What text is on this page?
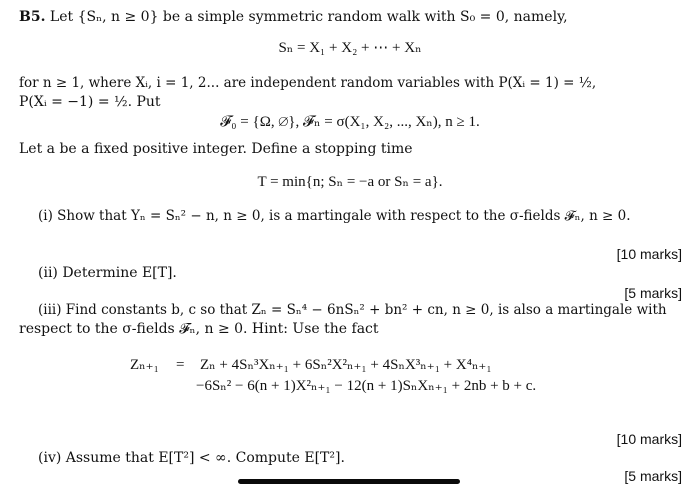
B5. Let {Sₙ, n ≥ 0} be a simple symmetric random walk with S₀ = 0, namely,
Sₙ = X₁ + X₂ + ⋯ + Xₙ
for n ≥ 1, where Xᵢ, i = 1, 2... are independent random variables with P(Xᵢ = 1) = ½,
P(Xᵢ = −1) = ½. Put
𝓕₀ = {Ω, ∅}, 𝓕ₙ = σ(X₁, X₂, ..., Xₙ), n ≥ 1.
Let a be a fixed positive integer. Define a stopping time
T = min{n; Sₙ = −a or Sₙ = a}.
(i) Show that Yₙ = Sₙ² − n, n ≥ 0, is a martingale with respect to the σ-fields 𝓕ₙ, n ≥ 0.
[10 marks]
(ii) Determine E[T].
[5 marks]
(iii) Find constants b, c so that Zₙ = Sₙ⁴ − 6nSₙ² + bn² + cn, n ≥ 0, is also a martingale with
respect to the σ-fields 𝓕ₙ, n ≥ 0. Hint: Use the fact
Zₙ₊₁ = Zₙ + 4Sₙ³Xₙ₊₁ + 6Sₙ²X²ₙ₊₁ + 4SₙX³ₙ₊₁ + X⁴ₙ₊₁
−6Sₙ² − 6(n + 1)X²ₙ₊₁ − 12(n + 1)SₙXₙ₊₁ + 2nb + b + c.
[10 marks]
(iv) Assume that E[T²] < ∞. Compute E[T²].
[5 marks]
